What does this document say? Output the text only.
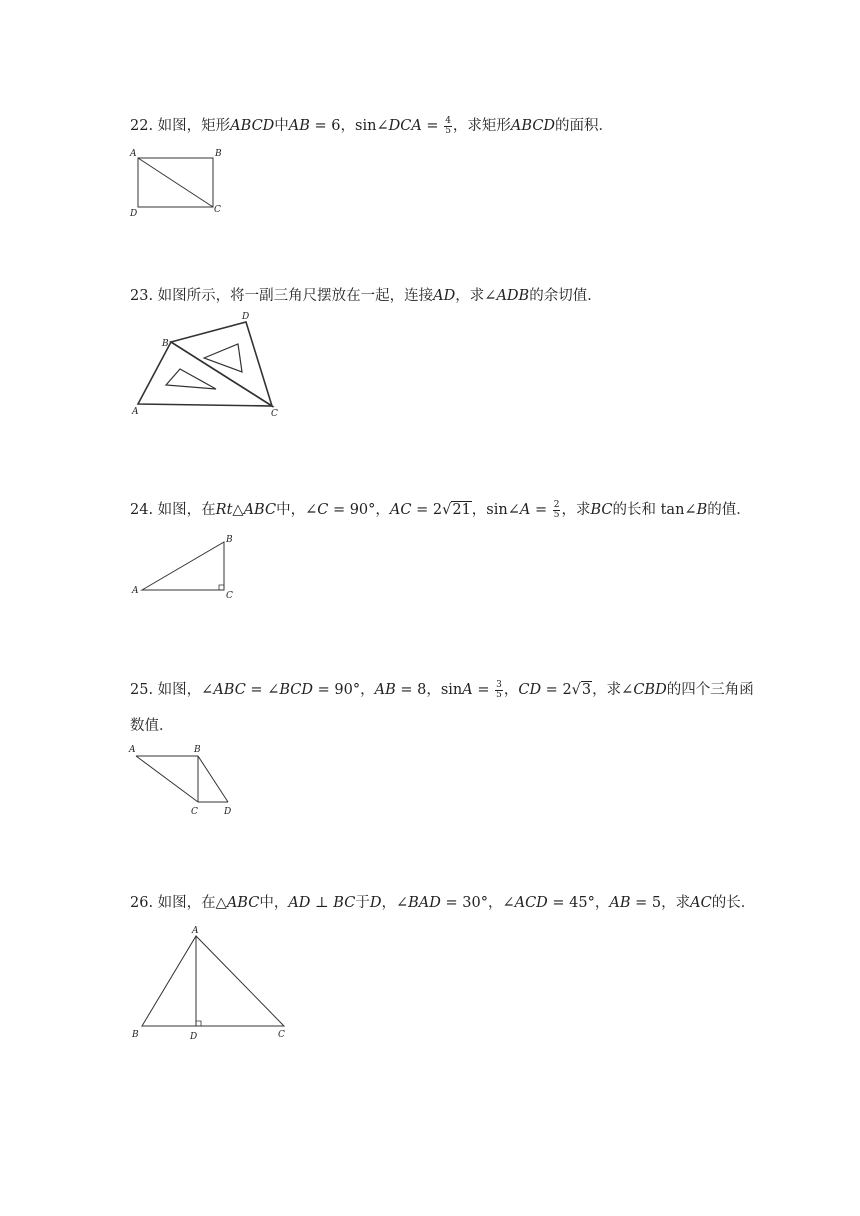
22. 如图，矩形ABCD中AB = 6，sin∠DCA = $\frac{4}{5}$ ，求矩形ABCD的面积．
A	B
C
D
23. 如图所示，将一副三角尺摆放在一起，连接AD，求∠ADB的余切值．
A
B
C
D
24. 如图，在Rt△ABC中，∠C = 90°，AC = 2√21，sin∠A = $\frac{2}{5}$ ，求BC的长和 tan∠B的值．
A
B
C
25. 如图，∠ABC = ∠BCD = 90°，AB = 8，$\sin A = \frac{3}{5}$ ，CD = 2√3，求∠CBD的四个三角函
数值．
A	B
C	D
26. 如图，在△ABC中，AD ⊥ BC于D，∠BAD = 30°，∠ACD = 45°，AB = 5，求AC的长．
A
B	C
D
